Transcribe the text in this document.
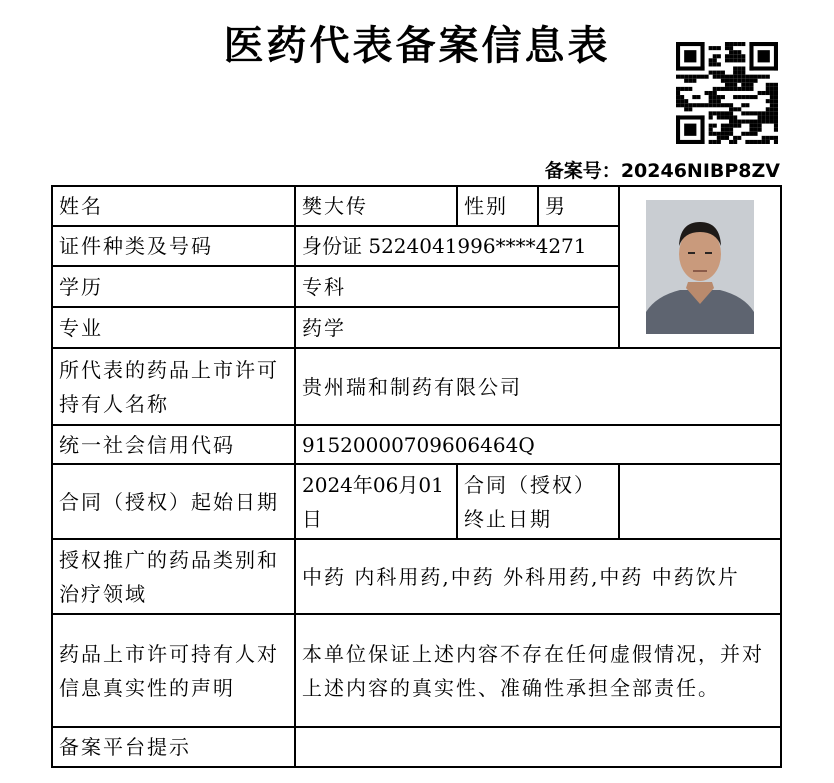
医药代表备案信息表
备案号：20246NIBP8ZV
姓名	樊大传	性别	男	

证件种类及号码	身份证 5224041996****4271			
学历	专科			
专业	药学			
所代表的药品上市许可持有人名称	贵州瑞和制药有限公司			
统一社会信用代码	91520000709606464Q			
合同（授权）起始日期	2024年06月01日	合同（授权）终止日期		
授权推广的药品类别和治疗领域	中药 内科用药,中药 外科用药,中药 中药饮片			
药品上市许可持有人对信息真实性的声明	本单位保证上述内容不存在任何虚假情况，并对上述内容的真实性、准确性承担全部责任。			
备案平台提示				
